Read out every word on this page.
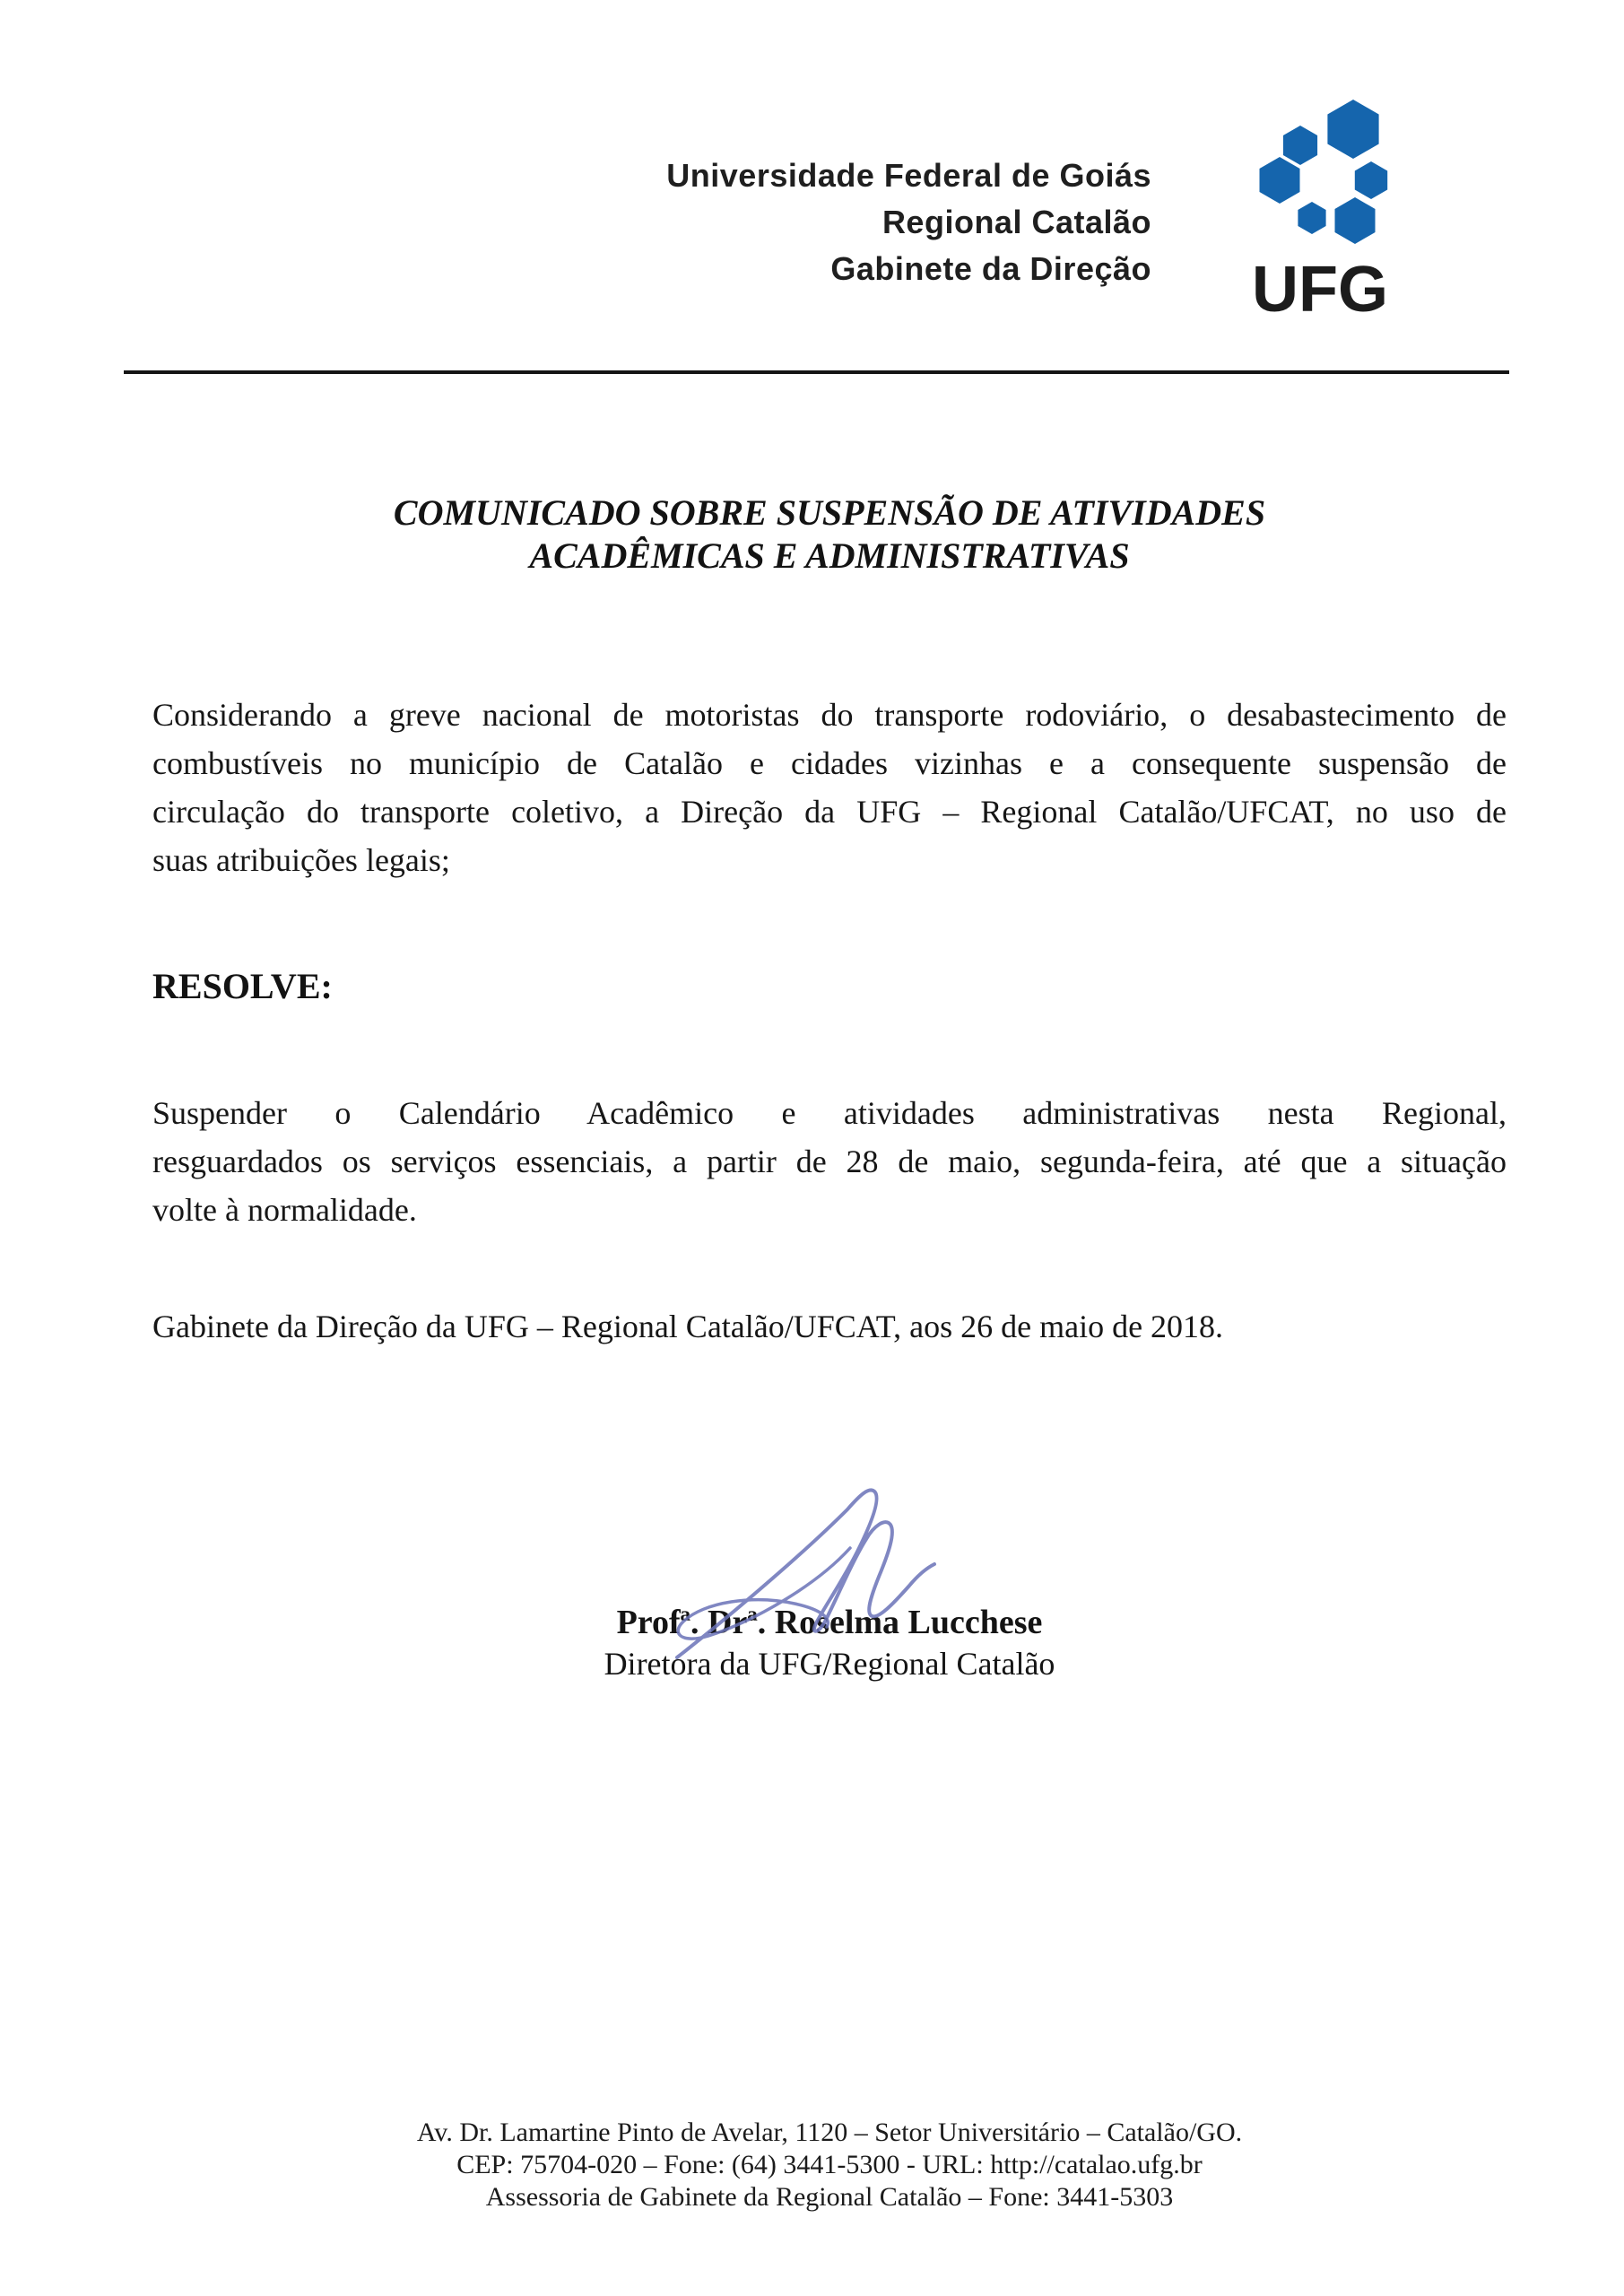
Universidade Federal de Goiás
Regional Catalão
Gabinete da Direção UFG
COMUNICADO SOBRE SUSPENSÃO DE ATIVIDADES
ACADÊMICAS E ADMINISTRATIVAS
Considerando a greve nacional de motoristas do transporte rodoviário, o desabastecimento de
combustíveis no município de Catalão e cidades vizinhas e a consequente suspensão de
circulação do transporte coletivo, a Direção da UFG – Regional Catalão/UFCAT, no uso de
suas atribuições legais;
RESOLVE:
Suspender o Calendário Acadêmico e atividades administrativas nesta Regional,
resguardados os serviços essenciais, a partir de 28 de maio, segunda-feira, até que a situação
volte à normalidade.
Gabinete da Direção da UFG – Regional Catalão/UFCAT, aos 26 de maio de 2018.
Profª. Drª. Roselma Lucchese
Diretora da UFG/Regional Catalão
Av. Dr. Lamartine Pinto de Avelar, 1120 – Setor Universitário – Catalão/GO.
CEP: 75704-020 – Fone: (64) 3441-5300 - URL: http://catalao.ufg.br
Assessoria de Gabinete da Regional Catalão – Fone: 3441-5303
